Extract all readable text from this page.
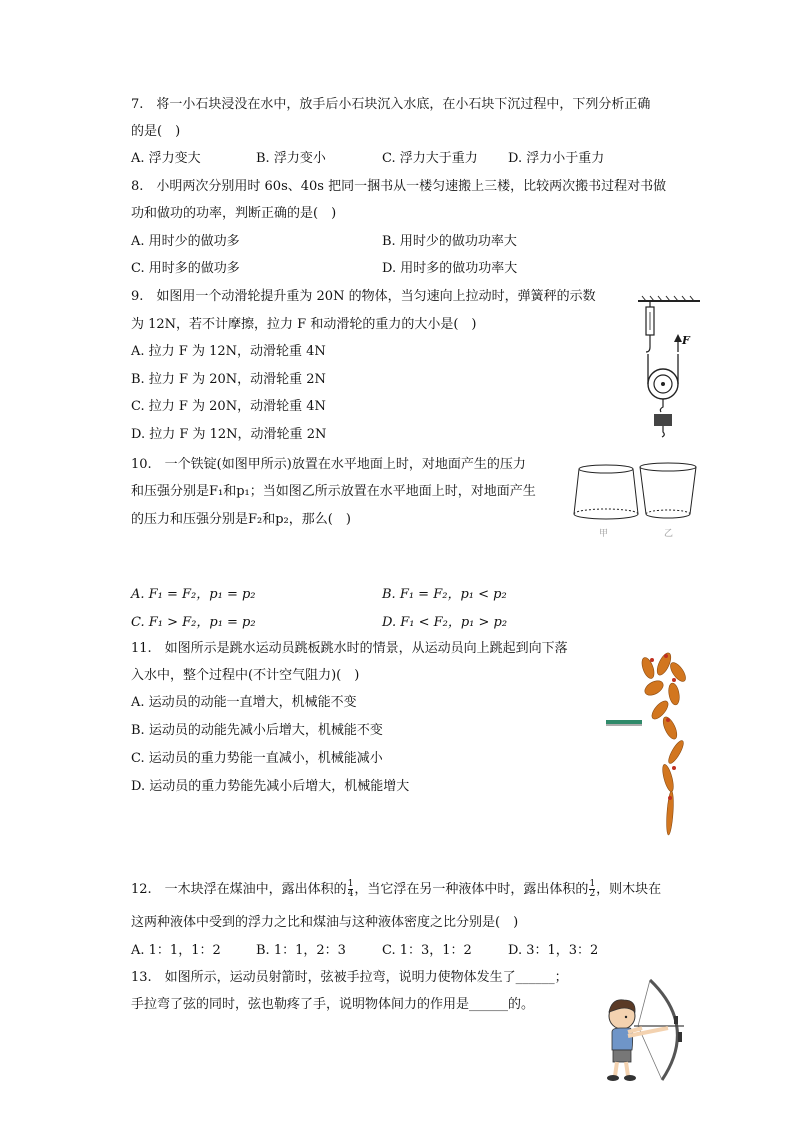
7.　将一小石块浸没在水中，放手后小石块沉入水底，在小石块下沉过程中，下列分析正确
的是(　)
A. 浮力变大	B. 浮力变小	C. 浮力大于重力 D. 浮力小于重力
8.　小明两次分别用时 60s、40s 把同一捆书从一楼匀速搬上三楼，比较两次搬书过程对书做
功和做功的功率，判断正确的是(　)
A. 用时少的做功多	B. 用时少的做功功率大
C. 用时多的做功多	D. 用时多的做功功率大
9.　如图用一个动滑轮提升重为 20N 的物体，当匀速向上拉动时，弹簧秤的示数
为 12N，若不计摩擦，拉力 F 和动滑轮的重力的大小是(　)
A. 拉力 F 为 12N，动滑轮重 4N
B. 拉力 F 为 20N，动滑轮重 2N
C. 拉力 F 为 20N，动滑轮重 4N
D. 拉力 F 为 12N，动滑轮重 2N
F
10.　一个铁锭(如图甲所示)放置在水平地面上时，对地面产生的压力
和压强分别是F₁和p₁；当如图乙所示放置在水平地面上时，对地面产生
的压力和压强分别是F₂和p₂，那么(　)
A. F₁ = F₂，p₁ = p₂	B. F₁ = F₂，p₁ < p₂
C. F₁ > F₂，p₁ = p₂	D. F₁ < F₂，p₁ > p₂
甲	乙
11.　如图所示是跳水运动员跳板跳水时的情景，从运动员向上跳起到向下落
入水中，整个过程中(不计空气阻力)(　)
A. 运动员的动能一直增大，机械能不变
B. 运动员的动能先减小后增大，机械能不变
C. 运动员的重力势能一直减小，机械能减小
D. 运动员的重力势能先减小后增大，机械能增大
12.　一木块浮在煤油中，露出体积的 $\frac{1}{4}$ ，当它浮在另一种液体中时，露出体积的 $\frac{1}{2}$ ，则木块在
这两种液体中受到的浮力之比和煤油与这种液体密度之比分别是(　)
A. 1：1，1：2	B. 1：1，2：3	C. 1：3，1：2	D. 3：1，3：2
13.　如图所示，运动员射箭时，弦被手拉弯，说明力使物体发生了______；
手拉弯了弦的同时，弦也勒疼了手，说明物体间力的作用是______的。
